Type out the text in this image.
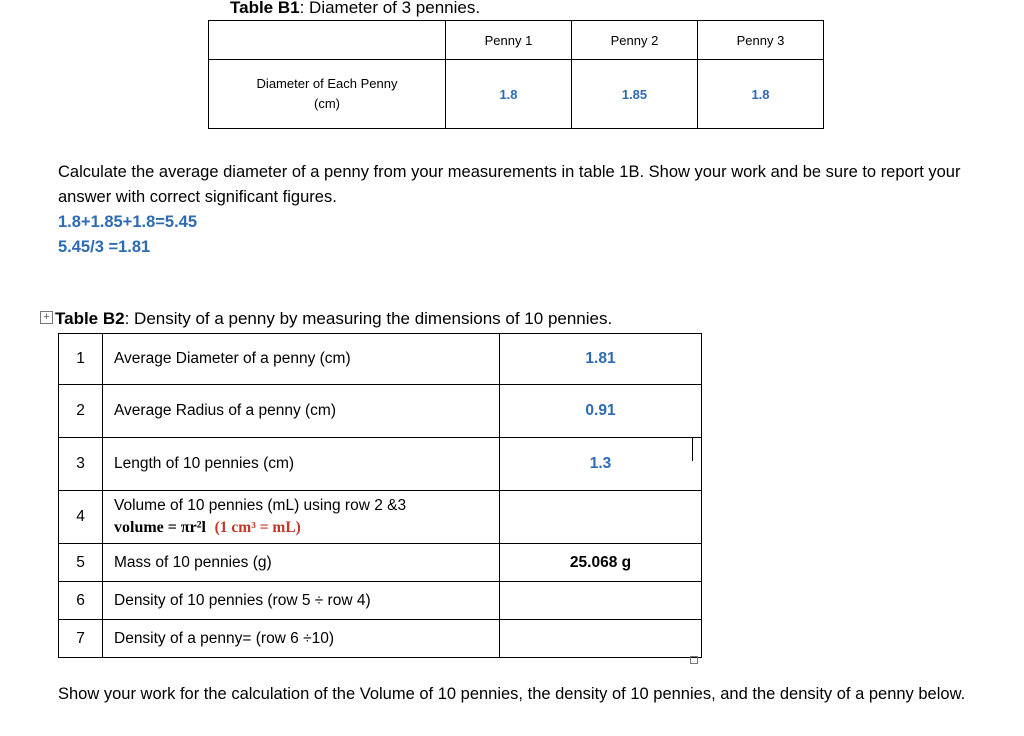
Table B1: Diameter of 3 pennies.
	Penny 1	Penny 2	Penny 3

Diameter of Each Penny
(cm)	1.8	1.85	1.8
Calculate the average diameter of a penny from your measurements in table 1B. Show your work and be sure to report your answer with correct significant figures.
1.8+1.85+1.8=5.45
5.45/3 =1.81
+ Table B2: Density of a penny by measuring the dimensions of 10 pennies.
1	Average Diameter of a penny (cm)	1.81
2	Average Radius of a penny (cm)	0.91
3	Length of 10 pennies (cm)	1.3
4	Volume of 10 pennies (mL) using row 2 &3
volume = πr²l (1 cm³ = mL)	

5	Mass of 10 pennies (g)	25.068 g
6	Density of 10 pennies (row 5 ÷ row 4)	
7	Density of a penny= (row 6 ÷10)	
Show your work for the calculation of the Volume of 10 pennies, the density of 10 pennies, and the density of a penny below.
